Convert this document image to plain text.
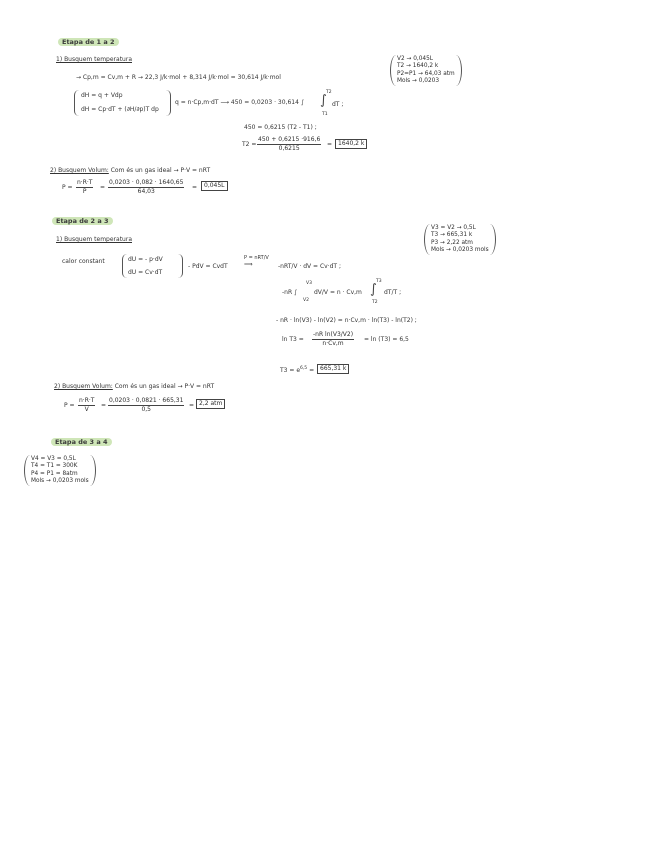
Etapa de 1 a 2
1) Busquem temperatura
→ Cp,m = Cv,m + R → 22,3 J/k·mol + 8,314 J/k·mol = 30,614 J/k·mol
dH = q + Vdp
dH = Cp·dT + (∂H/∂p)T dp
q = n·Cp,m·dT ⟶ 450 = 0,0203 · 30,614 ∫ ∫
T2
T1
dT ;
450 = 0,6215 (T2 - T1) ;
$T2 = \frac{450 + 0,6215 \cdot 916,6}{0,6215} = 1640,2$ k
V2 → 0,045L
T2 → 1640,2 k
P2=P1 → 64,03 atm
Mols → 0,0203
2) Busquem Volum: Com és un gas ideal → P·V = nRT
$P = \frac{n\cdot R\cdot T}{P} = \frac{0,0203 \cdot 0,082 \cdot 1640,65}{64,03}$ =	0,045L
Etapa de 2 a 3
1) Busquem temperatura
calor constant	dU = - p·dV
dU = Cv·dT
- PdV = CvdT
P = nRT/V
⟹	-nRT/V · dV = Cv·dT ;
-nR ∫
V3
V2
dV/V = n · Cv,m ∫
T3
T2
dT/T ;
- nR · ln(V3) - ln(V2) = n·Cv,m · ln(T3) - ln(T2) ;
$\ln T3 = \frac{\text{-nR ln(V3/V2)}}{n\cdot Cv,m} = \ln (T3) = 6,5$
$T3 = e^{6,5} = 665,31$ k
V3 = V2 → 0,5L
T3 → 665,31 k
P3 → 2,22 atm
Mols → 0,0203 mols
2) Busquem Volum: Com és un gas ideal → P·V = nRT
$P = \frac{n\cdot R\cdot T}{V} = \frac{0,0203 \cdot 0,0821 \cdot 665,31}{0,5} = 2,2$ atm
Etapa de 3 a 4
V4 = V3 = 0,5L
T4 = T1 = 300K
P4 = P1 = 8atm
Mols → 0,0203 mols
